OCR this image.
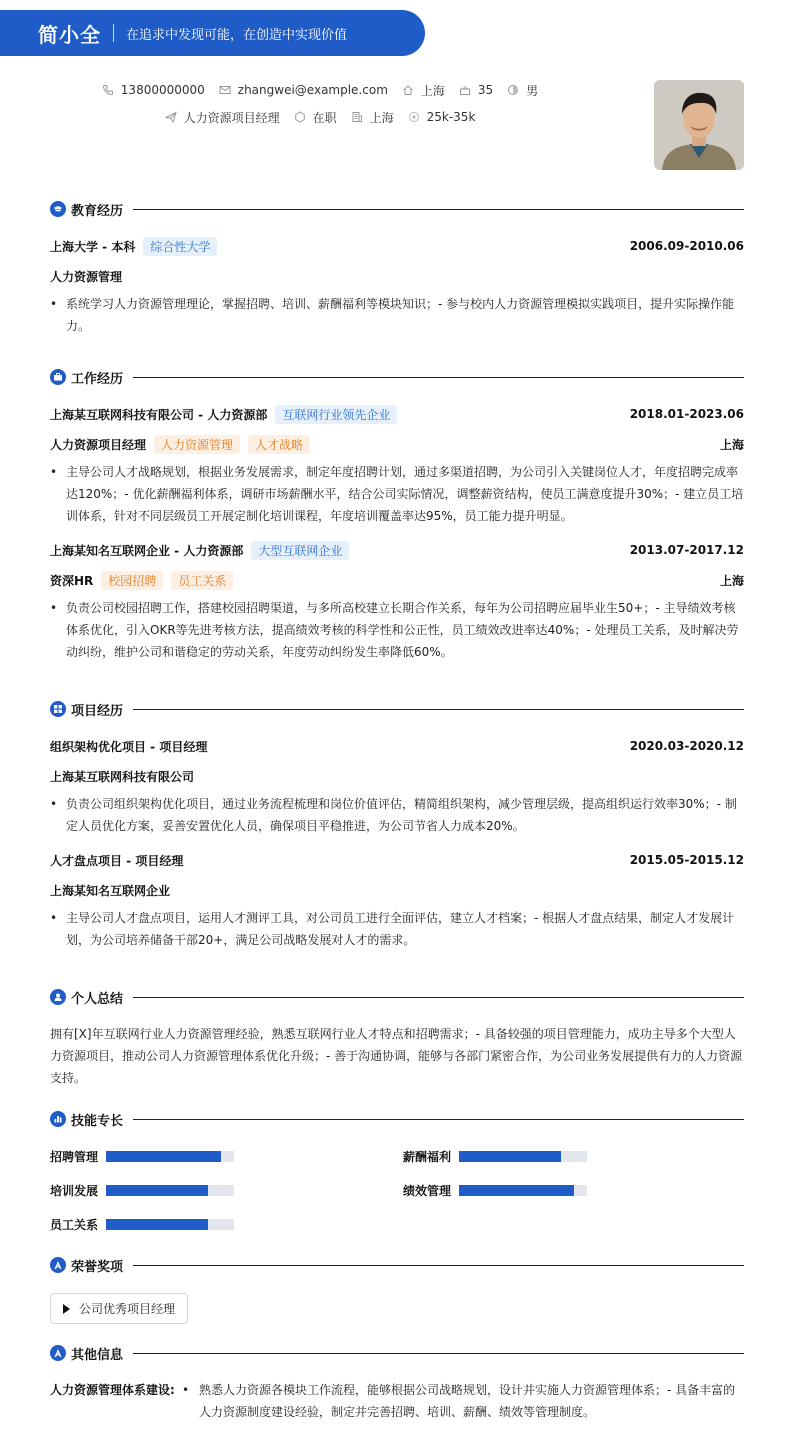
简小全 在追求中发现可能，在创造中实现价值
13800000000	zhangwei@example.com	上海	35	男
人力资源项目经理	在职	上海	25k-35k
教育经历
上海大学 - 本科	综合性大学	2006.09-2010.06
人力资源管理
• 系统学习人力资源管理理论，掌握招聘、培训、薪酬福利等模块知识；- 参与校内人力资源管理模拟实践项目，提升实际操作能力。
工作经历
上海某互联网科技有限公司 - 人力资源部	互联网行业领先企业	2018.01-2023.06
人力资源项目经理	人力资源管理	人才战略	上海
• 主导公司人才战略规划，根据业务发展需求，制定年度招聘计划，通过多渠道招聘，为公司引入关键岗位人才，年度招聘完成率达120%；- 优化薪酬福利体系，调研市场薪酬水平，结合公司实际情况，调整薪资结构，使员工满意度提升30%；- 建立员工培训体系，针对不同层级员工开展定制化培训课程，年度培训覆盖率达95%，员工能力提升明显。
上海某知名互联网企业 - 人力资源部	大型互联网企业	2013.07-2017.12
资深HR	校园招聘	员工关系	上海
• 负责公司校园招聘工作，搭建校园招聘渠道，与多所高校建立长期合作关系，每年为公司招聘应届毕业生50+；- 主导绩效考核体系优化，引入OKR等先进考核方法，提高绩效考核的科学性和公正性，员工绩效改进率达40%；- 处理员工关系，及时解决劳动纠纷，维护公司和谐稳定的劳动关系，年度劳动纠纷发生率降低60%。
项目经历
组织架构优化项目 - 项目经理	2020.03-2020.12
上海某互联网科技有限公司
• 负责公司组织架构优化项目，通过业务流程梳理和岗位价值评估，精简组织架构，减少管理层级，提高组织运行效率30%；- 制定人员优化方案，妥善安置优化人员，确保项目平稳推进，为公司节省人力成本20%。
人才盘点项目 - 项目经理	2015.05-2015.12
上海某知名互联网企业
• 主导公司人才盘点项目，运用人才测评工具，对公司员工进行全面评估，建立人才档案；- 根据人才盘点结果，制定人才发展计划，为公司培养储备干部20+，满足公司战略发展对人才的需求。
个人总结
拥有[X]年互联网行业人力资源管理经验，熟悉互联网行业人才特点和招聘需求；- 具备较强的项目管理能力，成功主导多个大型人力资源项目，推动公司人力资源管理体系优化升级；- 善于沟通协调，能够与各部门紧密合作，为公司业务发展提供有力的人力资源支持。
技能专长
招聘管理	薪酬福利
培训发展	绩效管理
员工关系
荣誉奖项
公司优秀项目经理
其他信息
人力资源管理体系建设: • 熟悉人力资源各模块工作流程，能够根据公司战略规划，设计并实施人力资源管理体系；- 具备丰富的人力资源制度建设经验，制定并完善招聘、培训、薪酬、绩效等管理制度。
